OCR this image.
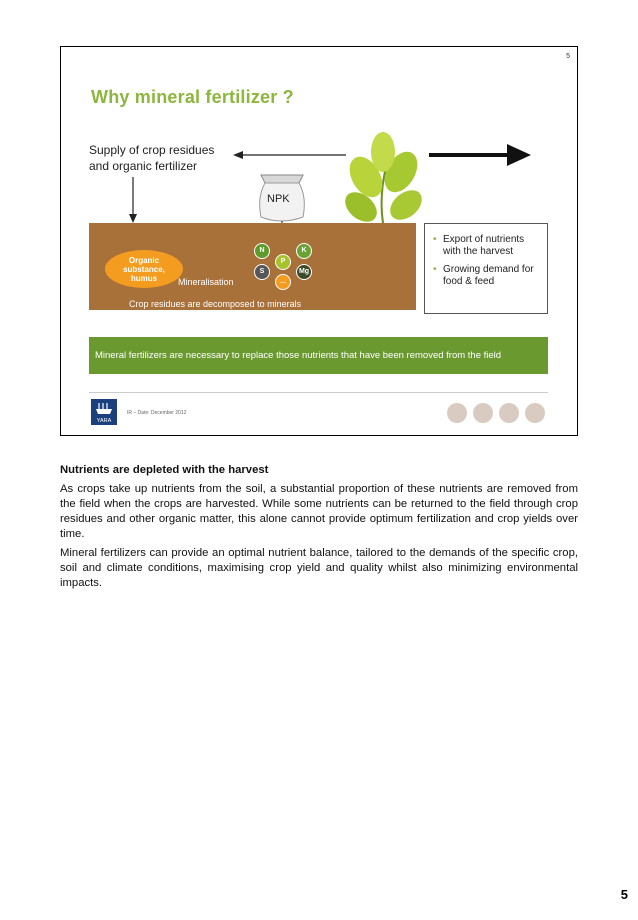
5
Why mineral fertilizer ?
Supply of crop residues
and organic fertilizer
NPK
Organic
substance,
humus	Mineralisation
Crop residues are decomposed to minerals
N
P
K
S
...
Mg
• Export of nutrients with the harvest
• Growing demand for food & feed
Mineral fertilizers are necessary to replace those nutrients that have been removed from the field
YARA
IR – Date: December 2012

Nutrients are depleted with the harvest

As crops take up nutrients from the soil, a substantial proportion of these nutrients are removed from the field when the crops are harvested. While some nutrients can be returned to the field through crop residues and other organic matter, this alone cannot provide optimum fertilization and crop yields over time.

Mineral fertilizers can provide an optimal nutrient balance, tailored to the demands of the specific crop, soil and climate conditions, maximising crop yield and quality whilst also minimizing environmental impacts.

5
